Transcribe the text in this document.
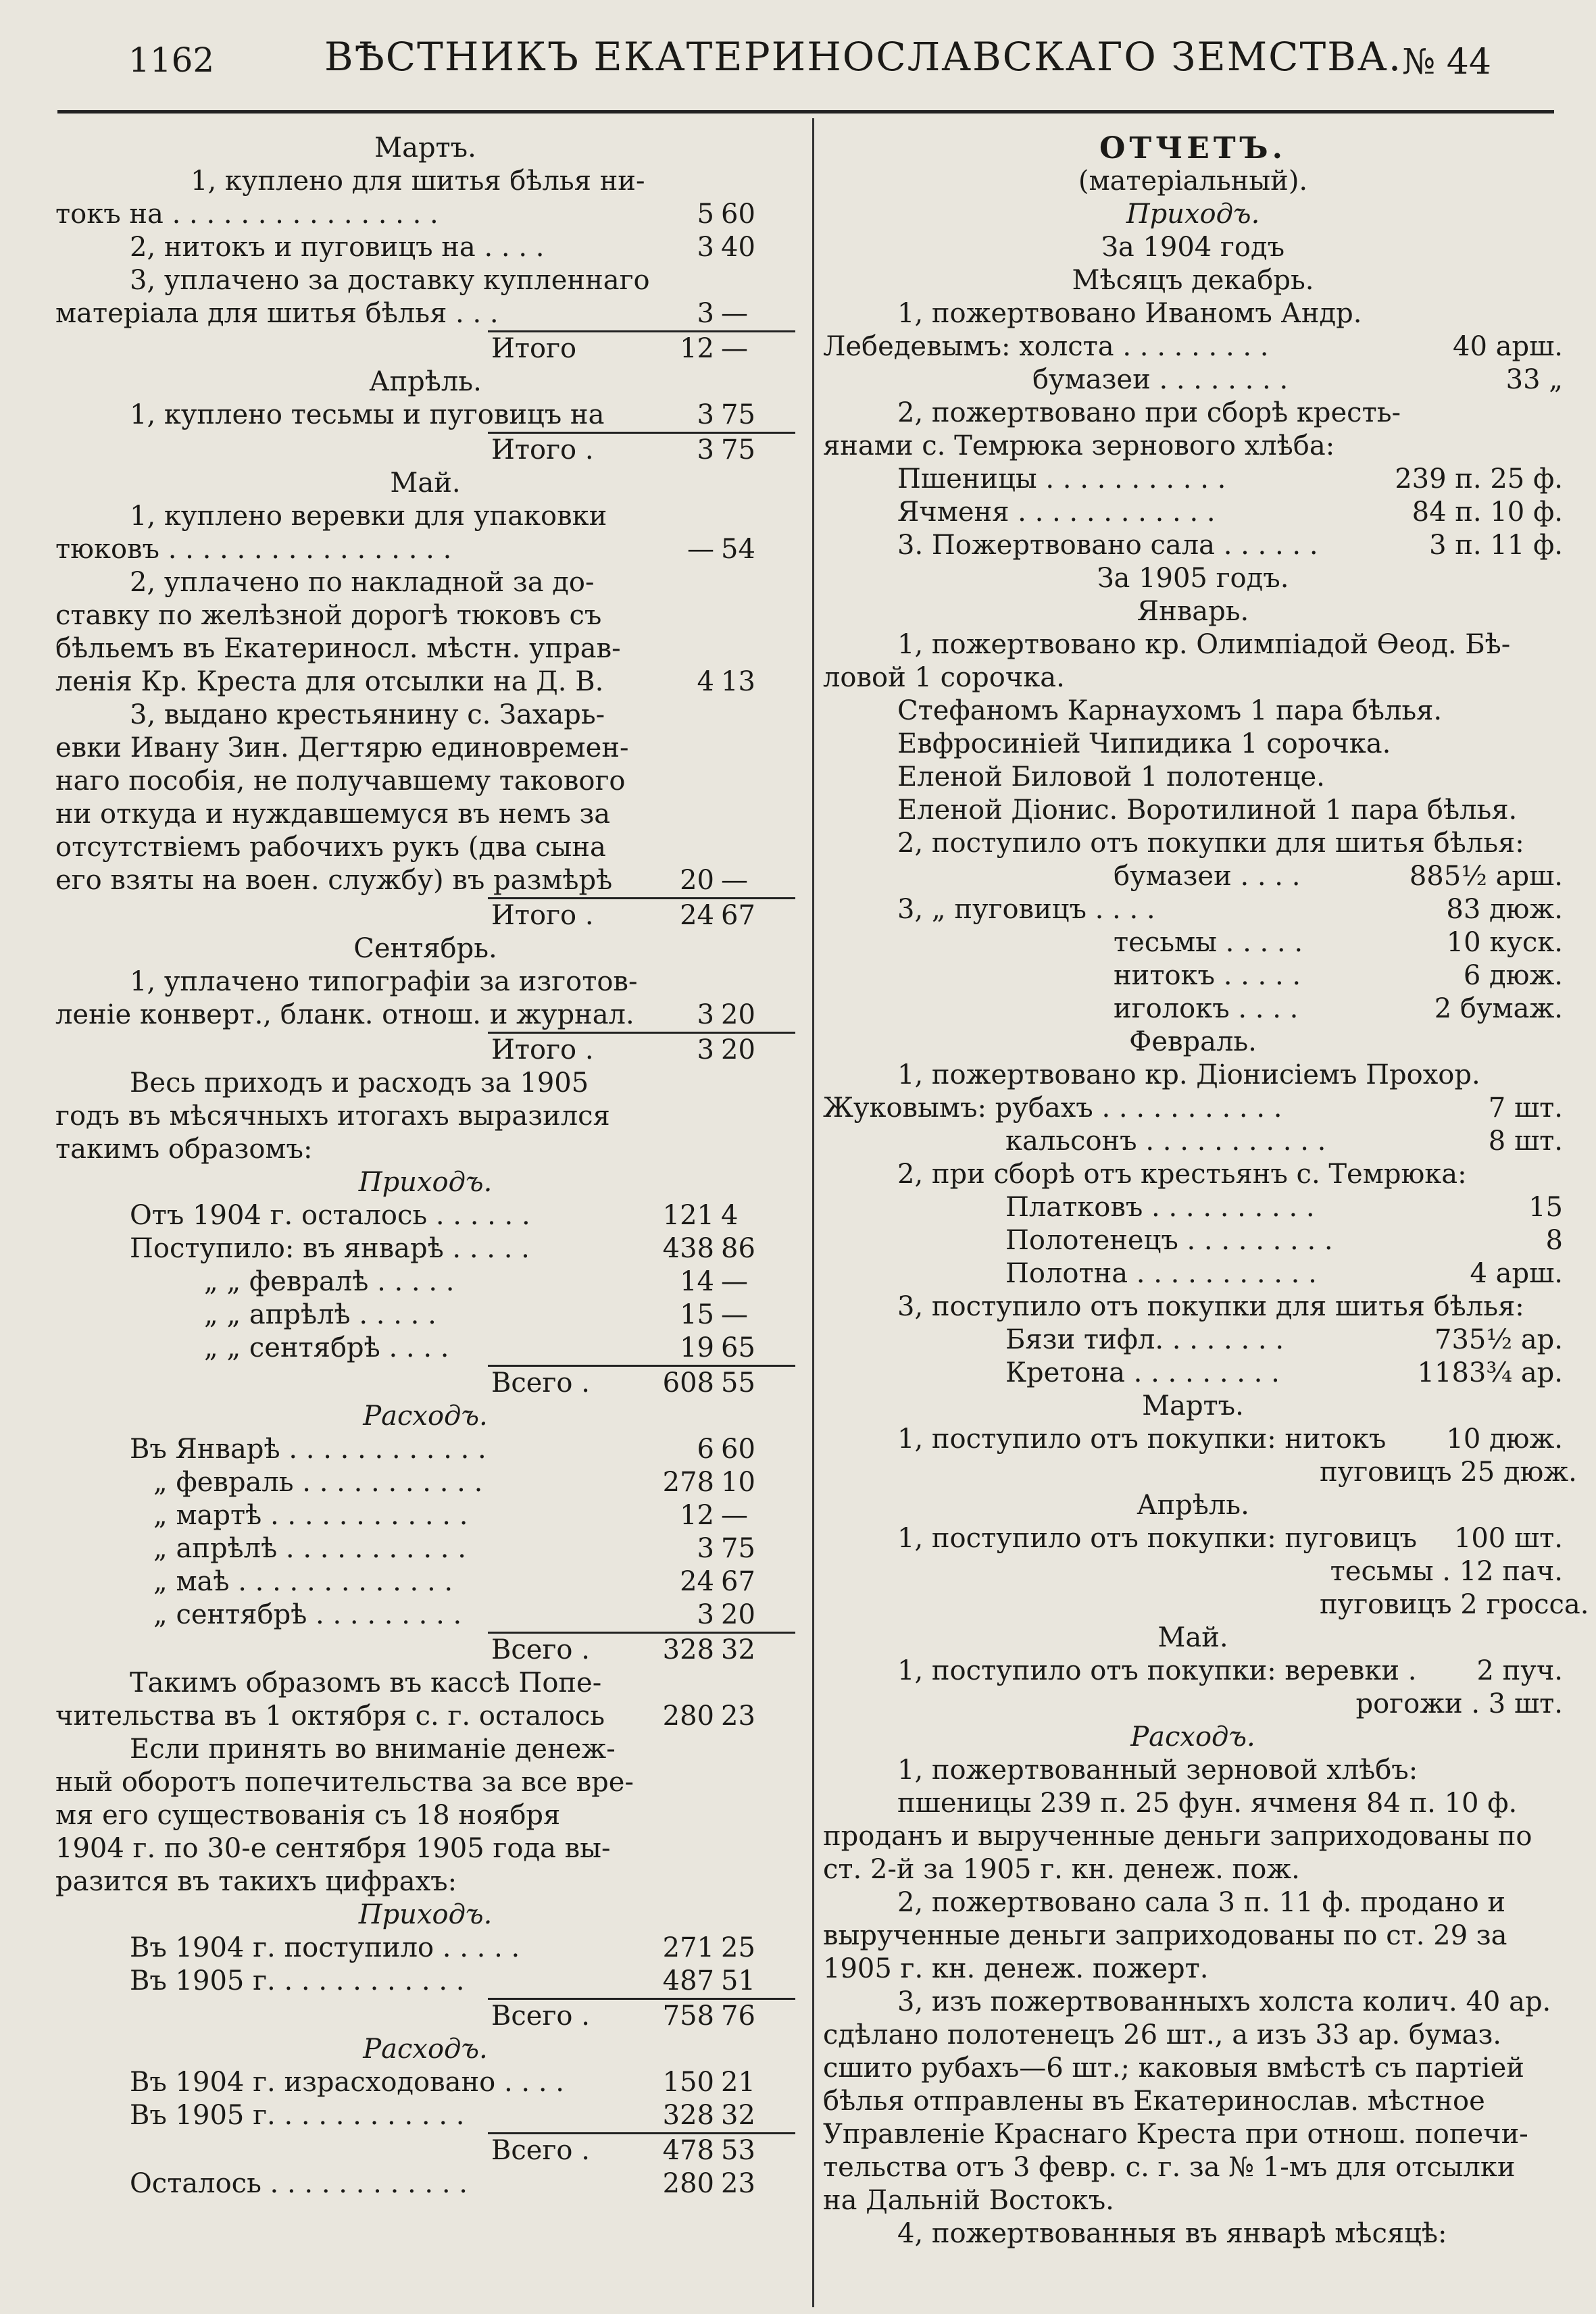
1162	ВѢСТНИКЪ ЕКАТЕРИНОСЛАВСКАГО ЗЕМСТВА. № 44
Мартъ.
1, куплено для шитья бѣлья ни-
токъ на . . . . . . . . . . . . . . . .	5 60
2, нитокъ и пуговицъ на . . . .	3 40
3, уплачено за доставку купленнаго
матеріала для шитья бѣлья . . .	3 —
Итого	12 —
Апрѣль.
1, куплено тесьмы и пуговицъ на	3 75
Итого .	3 75
Май.
1, куплено веревки для упаковки
тюковъ . . . . . . . . . . . . . . . . .	— 54
2, уплачено по накладной за до-
ставку по желѣзной дорогѣ тюковъ съ
бѣльемъ въ Екатериносл. мѣстн. управ-
ленія Кр. Креста для отсылки на Д. В.	4 13
3, выдано крестьянину с. Захарь-
евки Ивану Зин. Дегтярю единовремен-
наго пособія, не получавшему такового
ни откуда и нуждавшемуся въ немъ за
отсутствіемъ рабочихъ рукъ (два сына
его взяты на воен. службу) въ размѣрѣ	20 —
Итого .	24 67
Сентябрь.
1, уплачено типографіи за изготов-
леніе конверт., бланк. отнош. и журнал.	3 20
Итого .	3 20
Весь приходъ и расходъ за 1905
годъ въ мѣсячныхъ итогахъ выразился
такимъ образомъ:
Приходъ.
Отъ 1904 г. осталось . . . . . .	121 4
Поступило: въ январѣ . . . . .	438 86
„ „ февралѣ . . . . .	14 —
„ „ апрѣлѣ . . . . .	15 —
„ „ сентябрѣ . . . .	19 65
Всего .	608 55
Расходъ.
Въ Январѣ . . . . . . . . . . . .	6 60
„ февраль . . . . . . . . . . .	278 10
„ мартѣ . . . . . . . . . . . .	12 —
„ апрѣлѣ . . . . . . . . . . .	3 75
„ маѣ . . . . . . . . . . . . .	24 67
„ сентябрѣ . . . . . . . . .	3 20
Всего .	328 32
Такимъ образомъ въ кассѣ Попе-
чительства въ 1 октября с. г. осталось	280 23
Если принять во вниманіе денеж-
ный оборотъ попечительства за все вре-
мя его существованія съ 18 ноября
1904 г. по 30-е сентября 1905 года вы-
разится въ такихъ цифрахъ:
Приходъ.
Въ 1904 г. поступило . . . . .	271 25
Въ 1905 г. . . . . . . . . . . .	487 51
Всего .	758 76
Расходъ.
Въ 1904 г. израсходовано . . . .	150 21
Въ 1905 г. . . . . . . . . . . .	328 32
Всего .	478 53
Осталось . . . . . . . . . . . .	280 23
ОТЧЕТЪ.
(матеріальный).
Приходъ.
За 1904 годъ
Мѣсяцъ декабрь.
1, пожертвовано Иваномъ Андр.
Лебедевымъ: холста . . . . . . . . .	40 арш.
бумазеи . . . . . . . .	33 „
2, пожертвовано при сборѣ кресть-
янами с. Темрюка зернового хлѣба:
Пшеницы . . . . . . . . . . .	239 п. 25 ф.
Ячменя . . . . . . . . . . . .	84 п. 10 ф.
3. Пожертвовано сала . . . . . .	3 п. 11 ф.
За 1905 годъ.
Январь.
1, пожертвовано кр. Олимпіадой Ѳеод. Бѣ-
ловой 1 сорочка.
Стефаномъ Карнаухомъ 1 пара бѣлья.
Евфросиніей Чипидика 1 сорочка.
Еленой Биловой 1 полотенце.
Еленой Діонис. Воротилиной 1 пара бѣлья.
2, поступило отъ покупки для шитья бѣлья:
бумазеи . . . .	885½ арш.
3, „ пуговицъ . . . .	83 дюж.
тесьмы . . . . .	10 куск.
нитокъ . . . . .	6 дюж.
иголокъ . . . .	2 бумаж.
Февраль.
1, пожертвовано кр. Діонисіемъ Прохор.
Жуковымъ: рубахъ . . . . . . . . . . .	7 шт.
кальсонъ . . . . . . . . . . .	8 шт.
2, при сборѣ отъ крестьянъ с. Темрюка:
Платковъ . . . . . . . . . .	15
Полотенецъ . . . . . . . . .	8
Полотна . . . . . . . . . . .	4 арш.
3, поступило отъ покупки для шитья бѣлья:
Бязи тифл. . . . . . . .	735½ ар.
Кретона . . . . . . . . .	1183¾ ар.
Мартъ.
1, поступило отъ покупки: нитокъ	10 дюж.
пуговицъ 25 дюж.
Апрѣль.
1, поступило отъ покупки: пуговицъ	100 шт.
тесьмы . 12 пач.
пуговицъ 2 гросса.
Май.
1, поступило отъ покупки: веревки .	2 пуч.
рогожи . 3 шт.
Расходъ.
1, пожертвованный зерновой хлѣбъ:
пшеницы 239 п. 25 фун. ячменя 84 п. 10 ф.
проданъ и вырученные деньги заприходованы по
ст. 2-й за 1905 г. кн. денеж. пож.
2, пожертвовано сала 3 п. 11 ф. продано и
вырученные деньги заприходованы по ст. 29 за
1905 г. кн. денеж. пожерт.
3, изъ пожертвованныхъ холста колич. 40 ар.
сдѣлано полотенецъ 26 шт., а изъ 33 ар. бумаз.
сшито рубахъ—6 шт.; каковыя вмѣстѣ съ партіей
бѣлья отправлены въ Екатеринослав. мѣстное
Управленіе Краснаго Креста при отнош. попечи-
тельства отъ 3 февр. с. г. за № 1-мъ для отсылки
на Дальній Востокъ.
4, пожертвованныя въ январѣ мѣсяцѣ:
